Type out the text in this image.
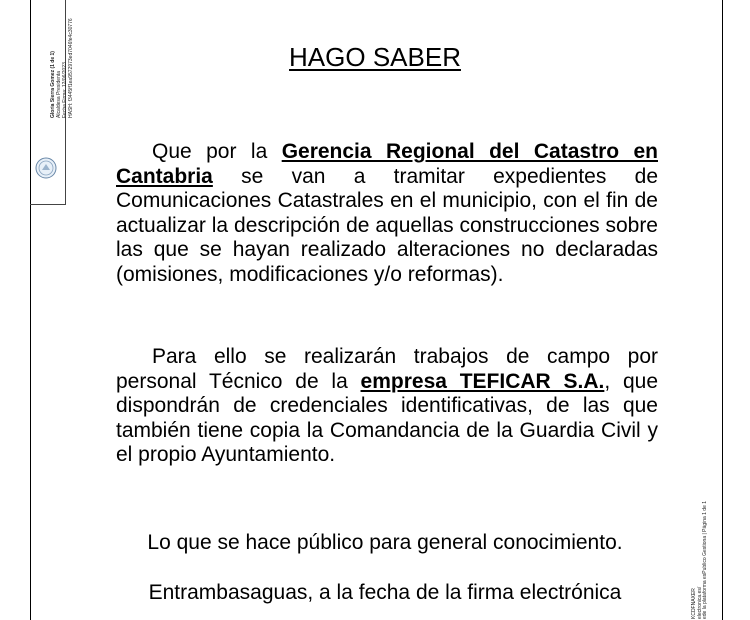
Gloria Sierra Gomez (1 de 1) Alcaldesa Presidenta Fecha Firma: 12/06/2023 HASH: f3445ff1ea9572973ed7046fe4c30776	HAGO SABER

Que por la Gerencia Regional del Catastro en Cantabria se van a tramitar expedientes de Comunicaciones Catastrales en el municipio, con el fin de actualizar la descripción de aquellas construcciones sobre las que se hayan realizado alteraciones no declaradas (omisiones, modificaciones y/o reformas).

Para ello se realizarán trabajos de campo por personal Técnico de la empresa TEFICAR S.A., que dispondrán de credenciales identificativas, de las que también tiene copia la Comandancia de la Guardia Civil y el propio Ayuntamiento.

Lo que se hace público para general conocimiento.

Entrambasaguas, a la fecha de la firma electrónica	KCDFNAXER electronica.es/ ede la plataforma esPublico Gestiona | Página 1 de 1
